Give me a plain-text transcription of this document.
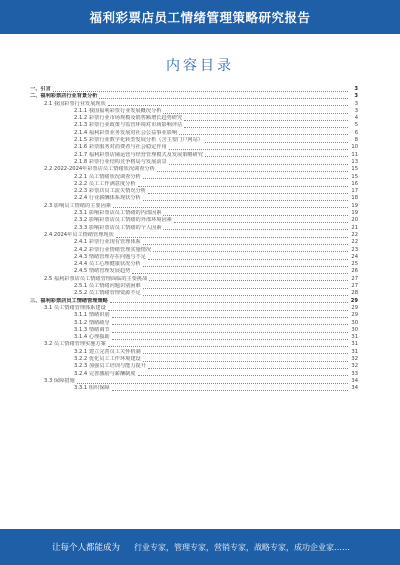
福利彩票店员工情绪管理策略研究报告
内容目录
一、引言	3
二、福利彩票店行业背景分析	3
2.1 我国彩票行业发展现状	3
2.1.1 我国福利彩票行业发展概况分析	3
2.1.2 彩票行业市场规模及销售额增长趋势研究	4
2.1.3 彩票行业政策与监管环境对市场影响评估	5
2.1.4 福利彩票业务发展对社会公益事业影响	6
2.1.5 彩票行业数字化转型发展分析（含主要门户网站）	8
2.1.6 彩票服务对消费者与社会稳定作用	10
2.1.7 福利彩票店铺运营与经营管理模式及发展策略研究	11
2.1.8 彩票行业结构竞争格局与发展前景	13
2.2 2022-2024年彩票店员工情绪状况调查分析	15
2.2.1 员工情绪状况调查分析	15
2.2.2 员工工作满意度分析	16
2.2.3 彩票店员工流失情况分析	17
2.2.4 行业薪酬体系现状分析	18
2.3 影响员工情绪的主要因素	19
2.3.1 影响彩票店员工情绪的内部因素	19
2.3.2 影响彩票店员工情绪的外部环境因素	20
2.3.3 影响彩票店员工情绪的个人因素	21
2.4 2024年员工情绪管理现状	22
2.4.1 彩票行业现有管理体系	22
2.4.2 彩票行业情绪管理实施情况	23
2.4.3 情绪管理存在问题与不足	24
2.4.4 员工心理健康状况分析	25
2.4.5 情绪管理发展趋势	26
2.5 福利彩票店员工情绪管理面临的主要挑战	27
2.5.1 员工情绪问题识别困难	27
2.5.2 员工情绪管理资源不足	28
三、福利彩票店员工情绪管理策略	29
3.1 员工情绪管理体系建设	29
3.1.1 情绪识别	29
3.1.2 情绪疏导	30
3.1.3 情绪调节	30
3.1.4 心理援助	31
3.2 员工情绪管理实施方案	31
3.2.1 建立完善员工关怀机制	31
3.2.2 优化员工工作环境建设	32
3.2.3 加强员工培训与能力提升	32
3.2.4 完善激励与薪酬制度	33
3.3 保障措施	34
3.3.1 组织保障	34
让每个人都能成为 行业专家，管理专家，营销专家，战略专家，成功企业家……
